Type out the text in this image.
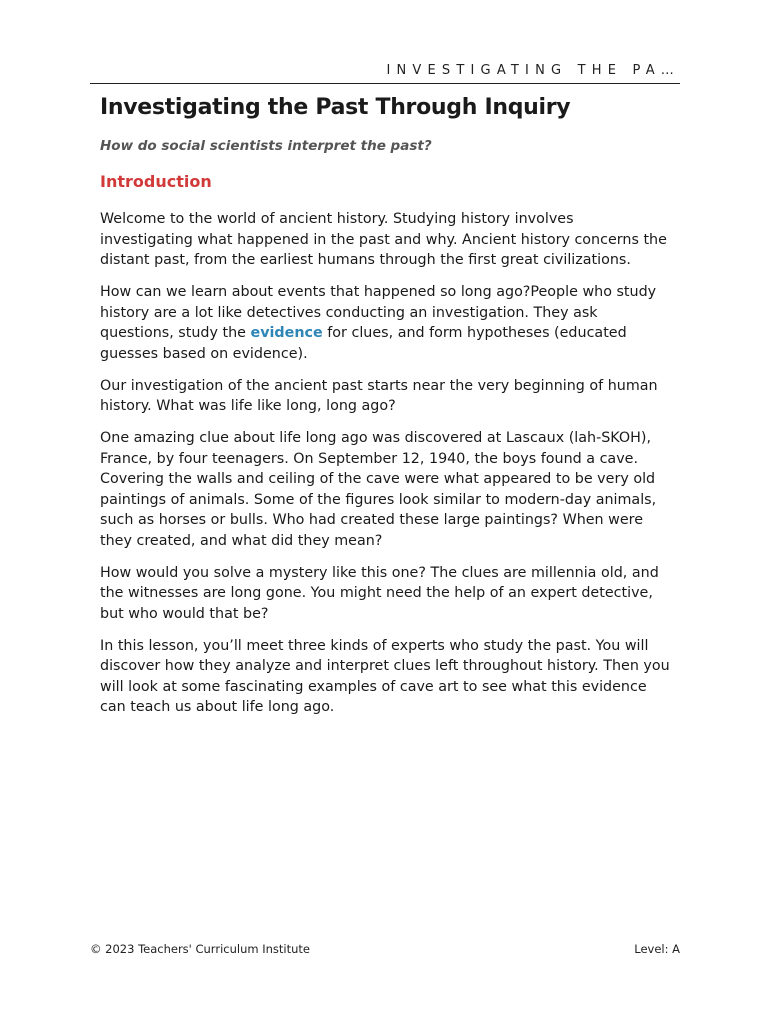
INVESTIGATING THE PA…
Investigating the Past Through Inquiry

How do social scientists interpret the past?

Introduction

Welcome to the world of ancient history. Studying history involves investigating what happened in the past and why. Ancient history concerns the distant past, from the earliest humans through the first great civilizations.

How can we learn about events that happened so long ago?People who study history are a lot like detectives conducting an investigation. They ask questions, study the evidence for clues, and form hypotheses (educated guesses based on evidence).

Our investigation of the ancient past starts near the very beginning of human history. What was life like long, long ago?

One amazing clue about life long ago was discovered at Lascaux (lah-SKOH), France, by four teenagers. On September 12, 1940, the boys found a cave. Covering the walls and ceiling of the cave were what appeared to be very old paintings of animals. Some of the figures look similar to modern-day animals, such as horses or bulls. Who had created these large paintings? When were they created, and what did they mean?

How would you solve a mystery like this one? The clues are millennia old, and the witnesses are long gone. You might need the help of an expert detective, but who would that be?

In this lesson, you’ll meet three kinds of experts who study the past. You will discover how they analyze and interpret clues left throughout history. Then you will look at some fascinating examples of cave art to see what this evidence can teach us about life long ago.

© 2023 Teachers' Curriculum Institute	Level: A
